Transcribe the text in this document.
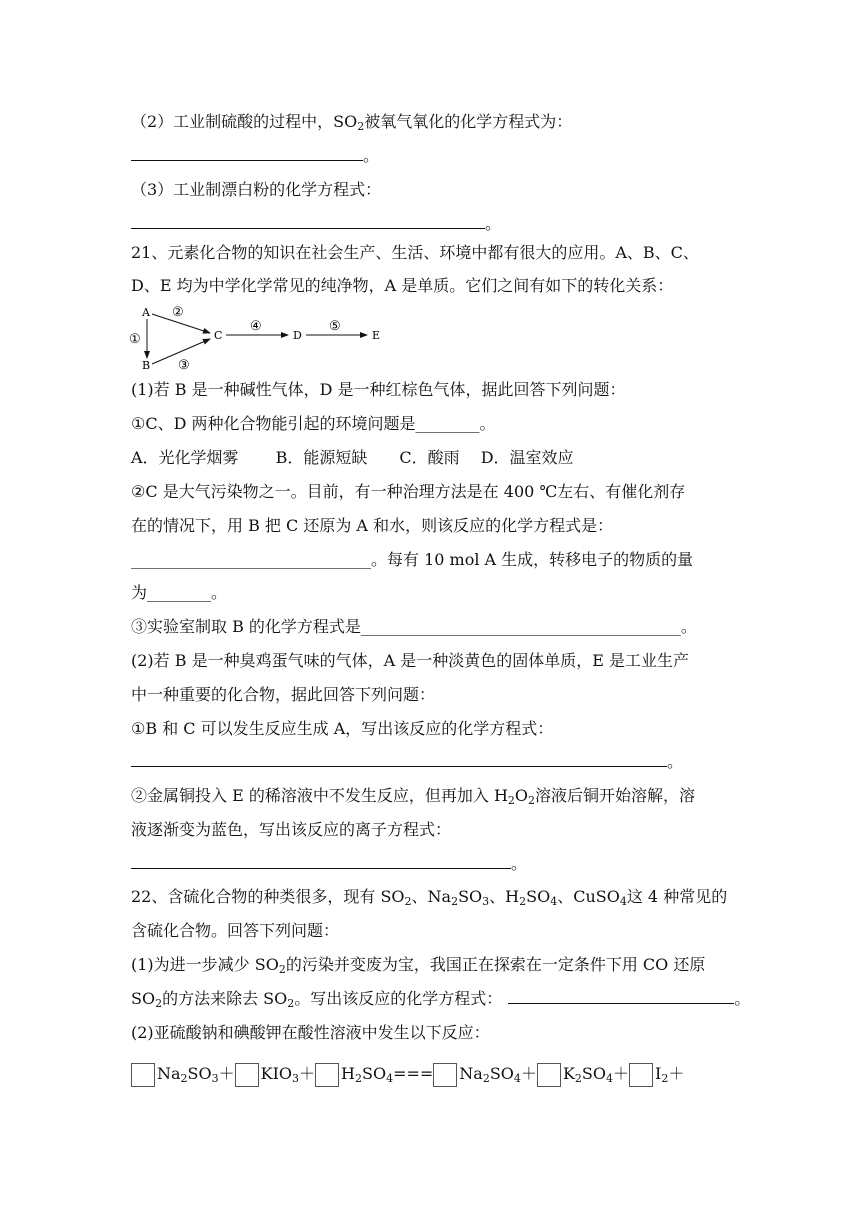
（2）工业制硫酸的过程中，$SO_2$被氧气氧化的化学方程式为：
。
（3）工业制漂白粉的化学方程式：
。
21、元素化合物的知识在社会生产、生活、环境中都有很大的应用。A、B、C、
D、E 均为中学化学常见的纯净物，A 是单质。它们之间有如下的转化关系：
A
B
C	D	E
①
②
③
④	⑤
(1)若 B 是一种碱性气体，D 是一种红棕色气体，据此回答下列问题：
①C、D 两种化合物能引起的环境问题是________。
A．光化学烟雾　　 B．能源短缺　　C．酸雨　 D．温室效应
②C 是大气污染物之一。目前，有一种治理方法是在 400 ℃左右、有催化剂存
在的情况下，用 B 把 C 还原为 A 和水，则该反应的化学方程式是：
______________________________。每有 10 mol A 生成，转移电子的物质的量
为________。
③实验室制取 B 的化学方程式是________________________________________。
(2)若 B 是一种臭鸡蛋气味的气体，A 是一种淡黄色的固体单质，E 是工业生产
中一种重要的化合物，据此回答下列问题：
①B 和 C 可以发生反应生成 A，写出该反应的化学方程式：
。
②金属铜投入 E 的稀溶液中不发生反应，但再加入 $H_2O_2$溶液后铜开始溶解，溶
液逐渐变为蓝色，写出该反应的离子方程式：
。
22、含硫化合物的种类很多，现有 $SO_2$、$Na_2SO_3$、$H_2SO_4$、CuSO$_4$这 4 种常见的
含硫化合物。回答下列问题：
(1)为进一步减少 $SO_2$的污染并变废为宝，我国正在探索在一定条件下用 CO 还原
$SO_2$的方法来除去 $SO_2$。写出该反应的化学方程式：	。
(2)亚硫酸钠和碘酸钾在酸性溶液中发生以下反应：
$Na_2SO_3+ KIO_3+ H_2SO_4=== Na_2SO_4+ K_2SO_4+ I_2+$
